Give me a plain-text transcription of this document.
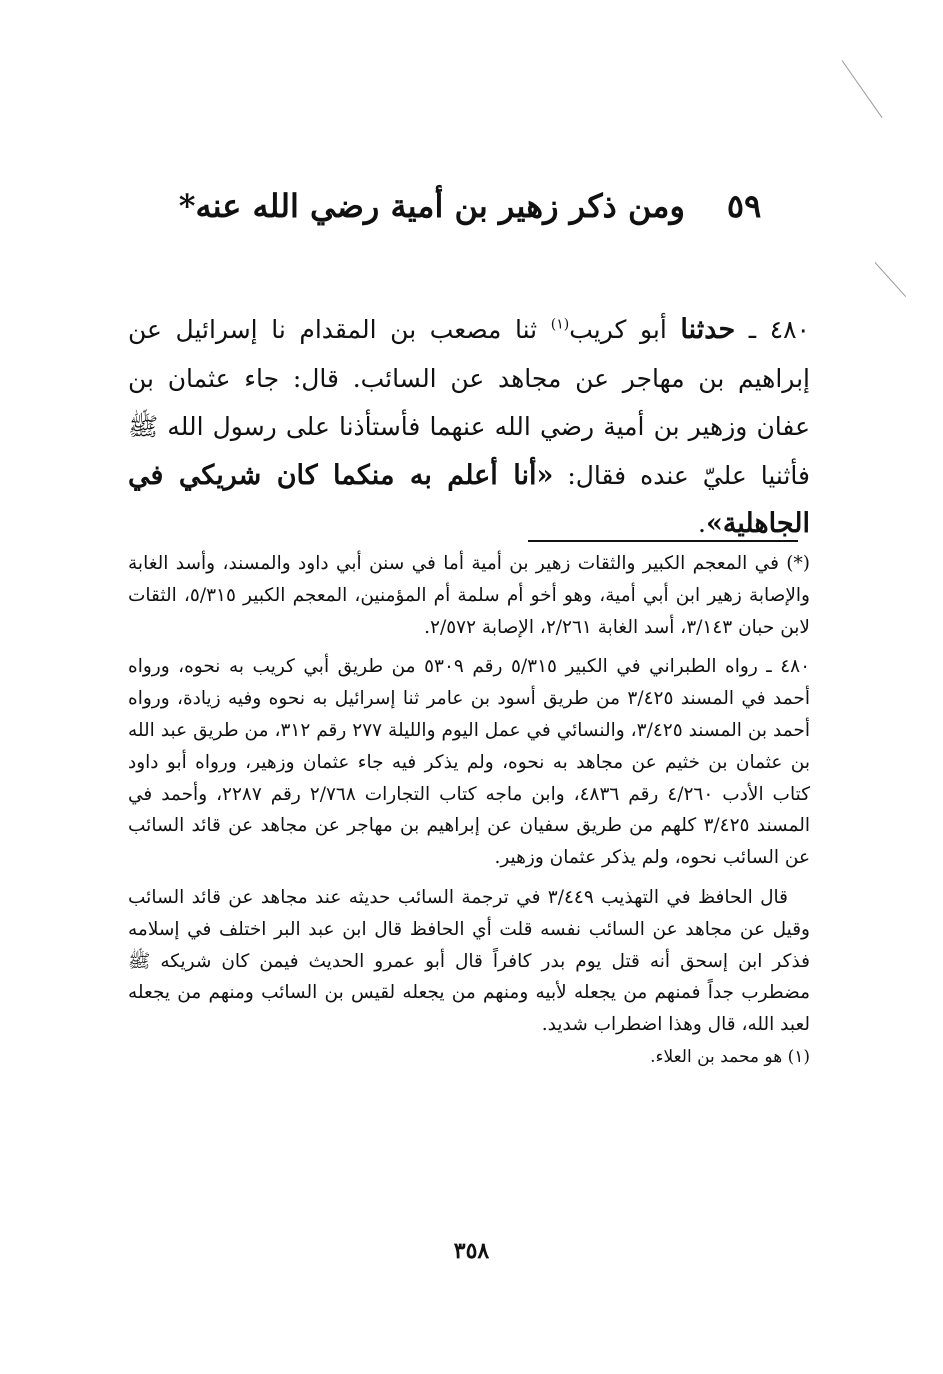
٥٩ومن ذكر زهير بن أمية رضي الله عنه*
٤٨٠ ـ حدثنا أبو كريب$^{(١)}$ ثنا مصعب بن المقدام نا إسرائيل عن إبراهيم بن مهاجر عن مجاهد عن السائب. قال: جاء عثمان بن عفان وزهير بن أمية رضي الله عنهما فأستأذنا على رسول الله ﷺ فأثنيا عليّ عنده فقال: «أنا أعلم به منكما كان شريكي في الجاهلية».

(*) في المعجم الكبير والثقات زهير بن أمية أما في سنن أبي داود والمسند، وأسد الغابة والإصابة زهير ابن أبي أمية، وهو أخو أم سلمة أم المؤمنين، المعجم الكبير ٥/٣١٥، الثقات لابن حبان ٣/١٤٣، أسد الغابة ٢/٢٦١، الإصابة ٢/٥٧٢.

٤٨٠ ـ رواه الطبراني في الكبير ٥/٣١٥ رقم ٥٣٠٩ من طريق أبي كريب به نحوه، ورواه أحمد في المسند ٣/٤٢٥ من طريق أسود بن عامر ثنا إسرائيل به نحوه وفيه زيادة، ورواه أحمد بن المسند ٣/٤٢٥، والنسائي في عمل اليوم والليلة ٢٧٧ رقم ٣١٢، من طريق عبد الله بن عثمان بن خثيم عن مجاهد به نحوه، ولم يذكر فيه جاء عثمان وزهير، ورواه أبو داود كتاب الأدب ٤/٢٦٠ رقم ٤٨٣٦، وابن ماجه كتاب التجارات ٢/٧٦٨ رقم ٢٢٨٧، وأحمد في المسند ٣/٤٢٥ كلهم من طريق سفيان عن إبراهيم بن مهاجر عن مجاهد عن قائد السائب عن السائب نحوه، ولم يذكر عثمان وزهير.

قال الحافظ في التهذيب ٣/٤٤٩ في ترجمة السائب حديثه عند مجاهد عن قائد السائب وقيل عن مجاهد عن السائب نفسه قلت أي الحافظ قال ابن عبد البر اختلف في إسلامه فذكر ابن إسحق أنه قتل يوم بدر كافراً قال أبو عمرو الحديث فيمن كان شريكه ﷺ مضطرب جداً فمنهم من يجعله لأبيه ومنهم من يجعله لقيس بن السائب ومنهم من يجعله لعبد الله، قال وهذا اضطراب شديد.

(١) هو محمد بن العلاء.

٣٥٨
